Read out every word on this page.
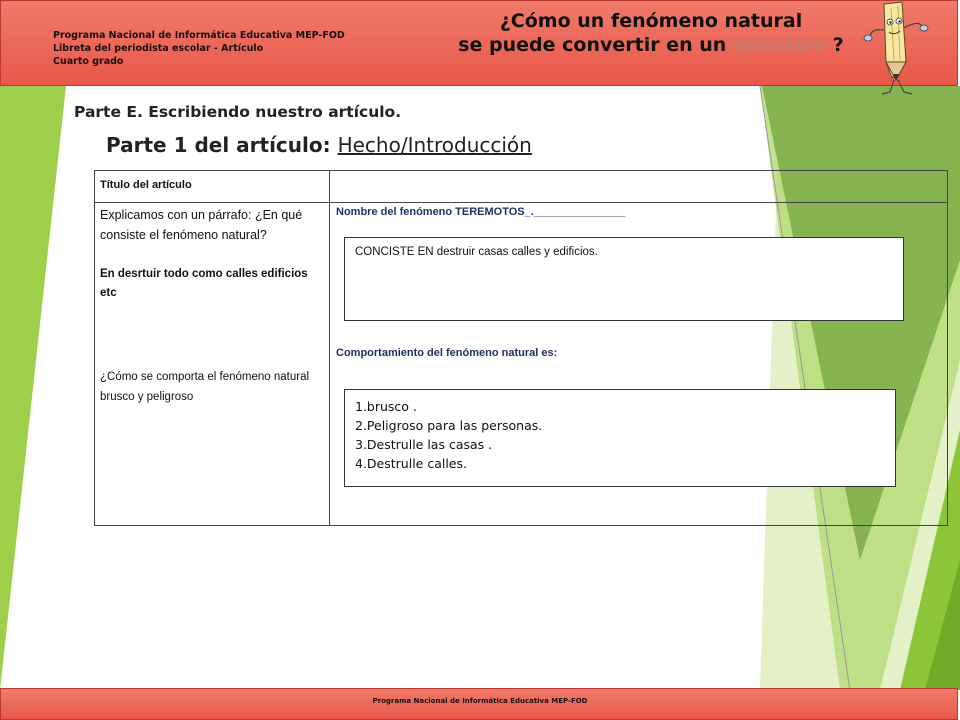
Programa Nacional de Informática Educativa MEP-FOD
Libreta del periodista escolar - Artículo
Cuarto grado
¿Cómo un fenómeno natural
se puede convertir en un desastre ?
Parte E. Escribiendo nuestro artículo.
Parte 1 del artículo: Hecho/Introducción
Título del artículo
Explicamos con un párrafo: ¿En qué consiste el fenómeno natural?
En desrtuir todo como calles edificios etc
¿Cómo se comporta el fenómeno natural brusco y peligroso
Nombre del fenómeno TEREMOTOS_._______________
Comportamiento del fenómeno natural es:
CONCISTE EN destruir casas calles y edificios.
1.brusco .
2.Peligroso para las personas.
3.Destrulle las casas .
4.Destrulle calles.
Programa Nacional de Informática Educativa MEP-FOD
